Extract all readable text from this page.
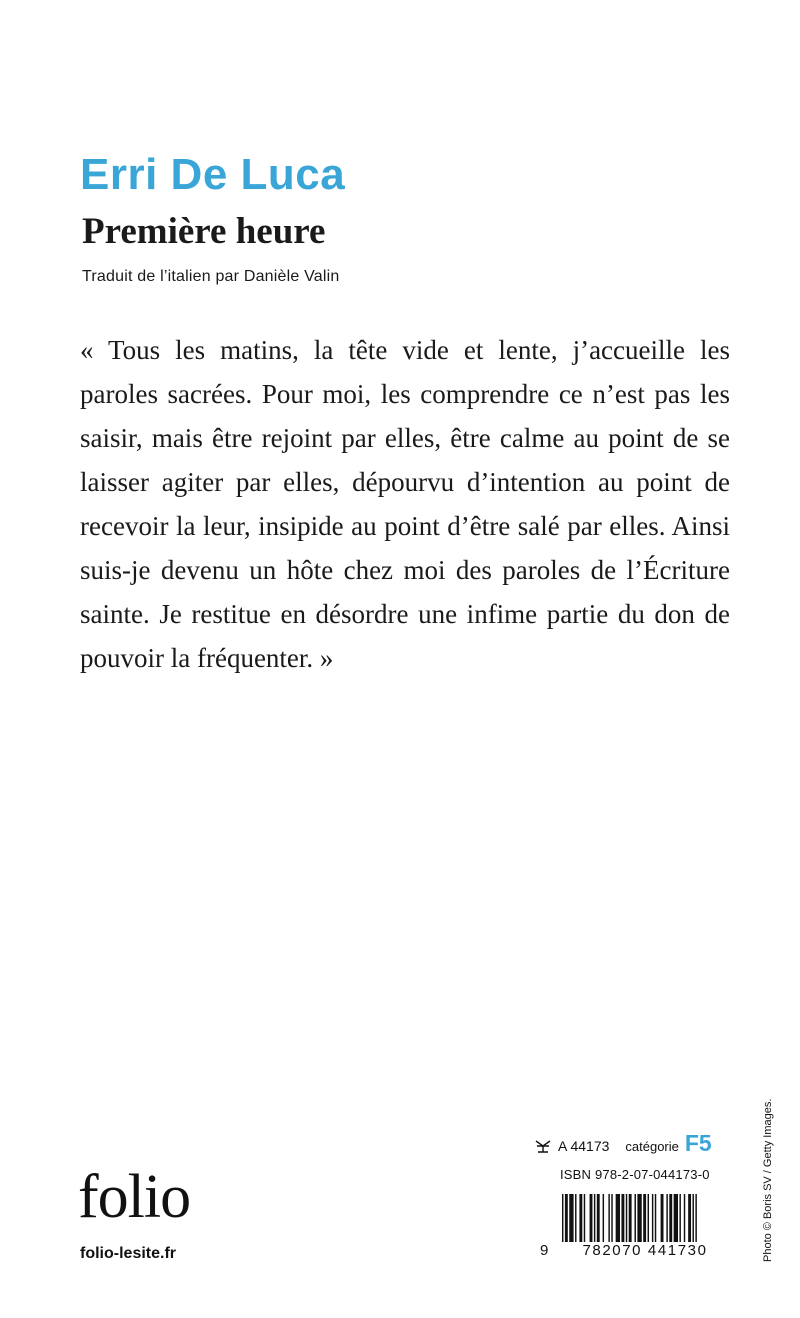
Erri De Luca
Première heure

Traduit de l’italien par Danièle Valin

« Tous les matins, la tête vide et lente, j’accueille les paroles sacrées. Pour moi, les comprendre ce n’est pas les saisir, mais être rejoint par elles, être calme au point de se laisser agiter par elles, dépourvu d’intention au point de recevoir la leur, insipide au point d’être salé par elles. Ainsi suis-je devenu un hôte chez moi des paroles de l’Écriture sainte. Je restitue en désordre une infime partie du don de pouvoir la fréquenter. »

folio
folio-lesite.fr
A 44173 catégorie F5
ISBN 978-2-07-044173-0
9	782070 441730	Photo © Boris SV / Getty Images.
